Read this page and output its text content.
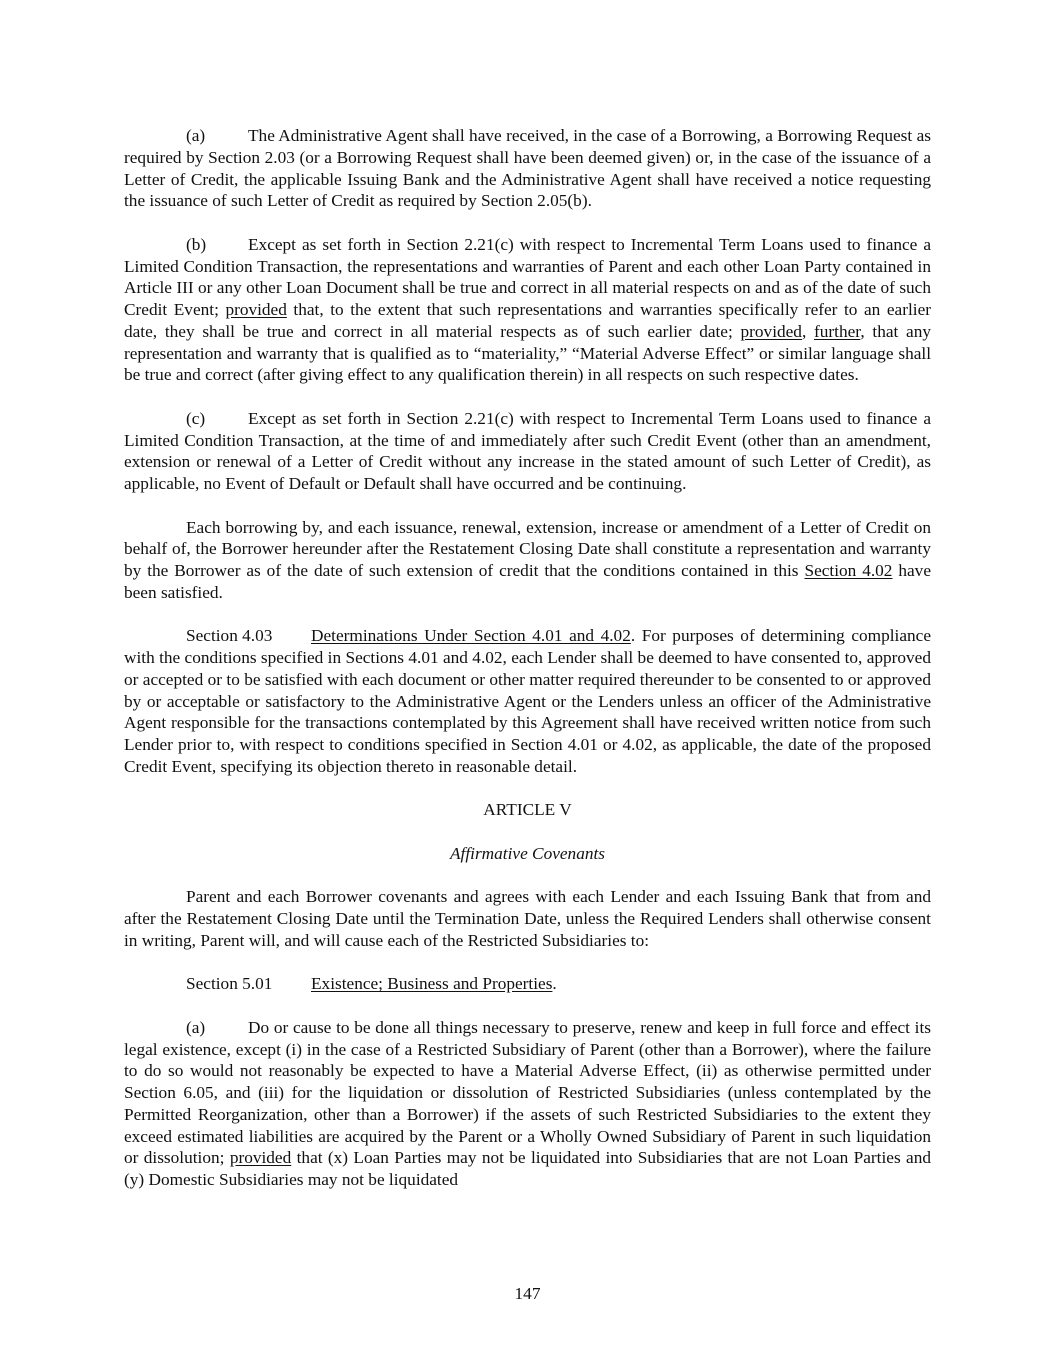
(a) The Administrative Agent shall have received, in the case of a Borrowing, a Borrowing Request as required by Section 2.03 (or a Borrowing Request shall have been deemed given) or, in the case of the issuance of a Letter of Credit, the applicable Issuing Bank and the Administrative Agent shall have received a notice requesting the issuance of such Letter of Credit as required by Section 2.05(b).

(b) Except as set forth in Section 2.21(c) with respect to Incremental Term Loans used to finance a Limited Condition Transaction, the representations and warranties of Parent and each other Loan Party contained in Article III or any other Loan Document shall be true and correct in all material respects on and as of the date of such Credit Event; provided that, to the extent that such representations and warranties specifically refer to an earlier date, they shall be true and correct in all material respects as of such earlier date; provided, further, that any representation and warranty that is qualified as to “materiality,” “Material Adverse Effect” or similar language shall be true and correct (after giving effect to any qualification therein) in all respects on such respective dates.

(c) Except as set forth in Section 2.21(c) with respect to Incremental Term Loans used to finance a Limited Condition Transaction, at the time of and immediately after such Credit Event (other than an amendment, extension or renewal of a Letter of Credit without any increase in the stated amount of such Letter of Credit), as applicable, no Event of Default or Default shall have occurred and be continuing.

Each borrowing by, and each issuance, renewal, extension, increase or amendment of a Letter of Credit on behalf of, the Borrower hereunder after the Restatement Closing Date shall constitute a representation and warranty by the Borrower as of the date of such extension of credit that the conditions contained in this Section 4.02 have been satisfied.

Section 4.03 Determinations Under Section 4.01 and 4.02. For purposes of determining compliance with the conditions specified in Sections 4.01 and 4.02, each Lender shall be deemed to have consented to, approved or accepted or to be satisfied with each document or other matter required thereunder to be consented to or approved by or acceptable or satisfactory to the Administrative Agent or the Lenders unless an officer of the Administrative Agent responsible for the transactions contemplated by this Agreement shall have received written notice from such Lender prior to, with respect to conditions specified in Section 4.01 or 4.02, as applicable, the date of the proposed Credit Event, specifying its objection thereto in reasonable detail.

ARTICLE V

Affirmative Covenants

Parent and each Borrower covenants and agrees with each Lender and each Issuing Bank that from and after the Restatement Closing Date until the Termination Date, unless the Required Lenders shall otherwise consent in writing, Parent will, and will cause each of the Restricted Subsidiaries to:

Section 5.01 Existence; Business and Properties.

(a) Do or cause to be done all things necessary to preserve, renew and keep in full force and effect its legal existence, except (i) in the case of a Restricted Subsidiary of Parent (other than a Borrower), where the failure to do so would not reasonably be expected to have a Material Adverse Effect, (ii) as otherwise permitted under Section 6.05, and (iii) for the liquidation or dissolution of Restricted Subsidiaries (unless contemplated by the Permitted Reorganization, other than a Borrower) if the assets of such Restricted Subsidiaries to the extent they exceed estimated liabilities are acquired by the Parent or a Wholly Owned Subsidiary of Parent in such liquidation or dissolution; provided that (x) Loan Parties may not be liquidated into Subsidiaries that are not Loan Parties and (y) Domestic Subsidiaries may not be liquidated

147
